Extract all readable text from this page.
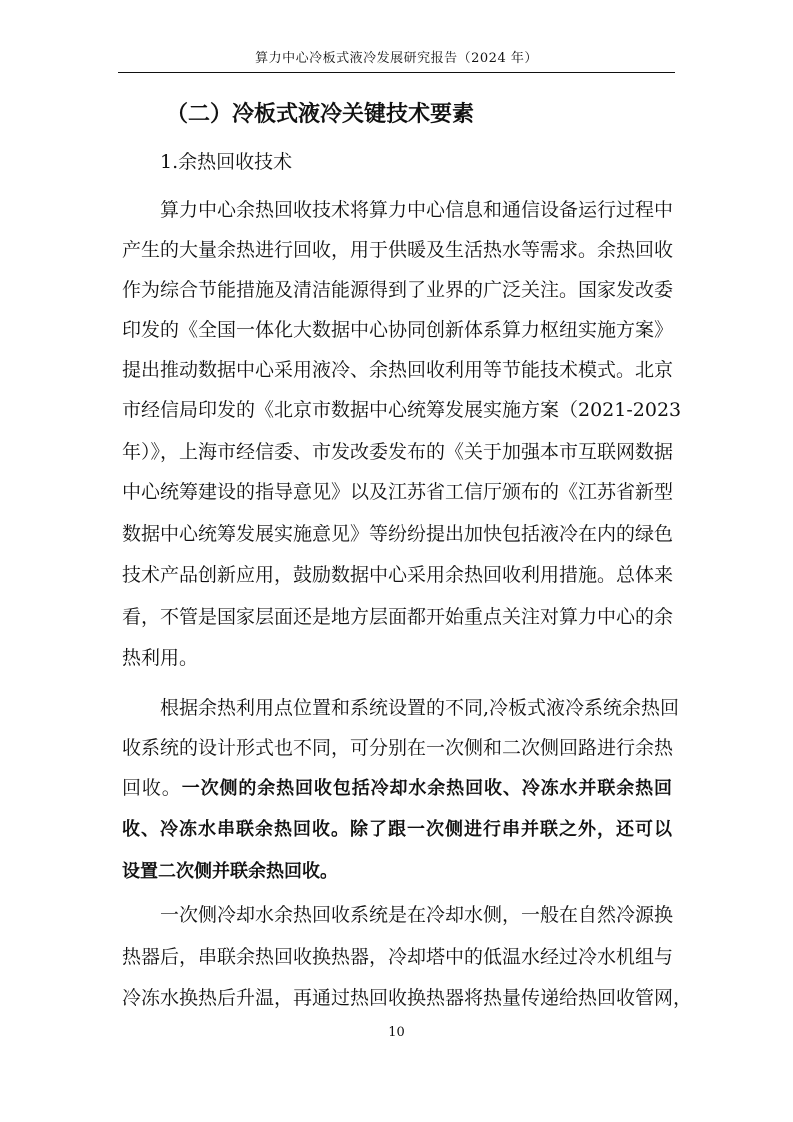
算力中心冷板式液冷发展研究报告（2024 年）
（二）冷板式液冷关键技术要素
1.余热回收技术
算力中心余热回收技术将算力中心信息和通信设备运行过程中
产生的大量余热进行回收，用于供暖及生活热水等需求。余热回收
作为综合节能措施及清洁能源得到了业界的广泛关注。国家发改委
印发的《全国一体化大数据中心协同创新体系算力枢纽实施方案》
提出推动数据中心采用液冷、余热回收利用等节能技术模式。北京
市经信局印发的《北京市数据中心统筹发展实施方案（2021-2023
年）》，上海市经信委、市发改委发布的《关于加强本市互联网数据
中心统筹建设的指导意见》以及江苏省工信厅颁布的《江苏省新型
数据中心统筹发展实施意见》等纷纷提出加快包括液冷在内的绿色
技术产品创新应用，鼓励数据中心采用余热回收利用措施。总体来
看，不管是国家层面还是地方层面都开始重点关注对算力中心的余
热利用。
根据余热利用点位置和系统设置的不同,冷板式液冷系统余热回
收系统的设计形式也不同，可分别在一次侧和二次侧回路进行余热
回收。一次侧的余热回收包括冷却水余热回收、冷冻水并联余热回
收、冷冻水串联余热回收。除了跟一次侧进行串并联之外，还可以
设置二次侧并联余热回收。
一次侧冷却水余热回收系统是在冷却水侧，一般在自然冷源换
热器后，串联余热回收换热器，冷却塔中的低温水经过冷水机组与
冷冻水换热后升温，再通过热回收换热器将热量传递给热回收管网，
10
